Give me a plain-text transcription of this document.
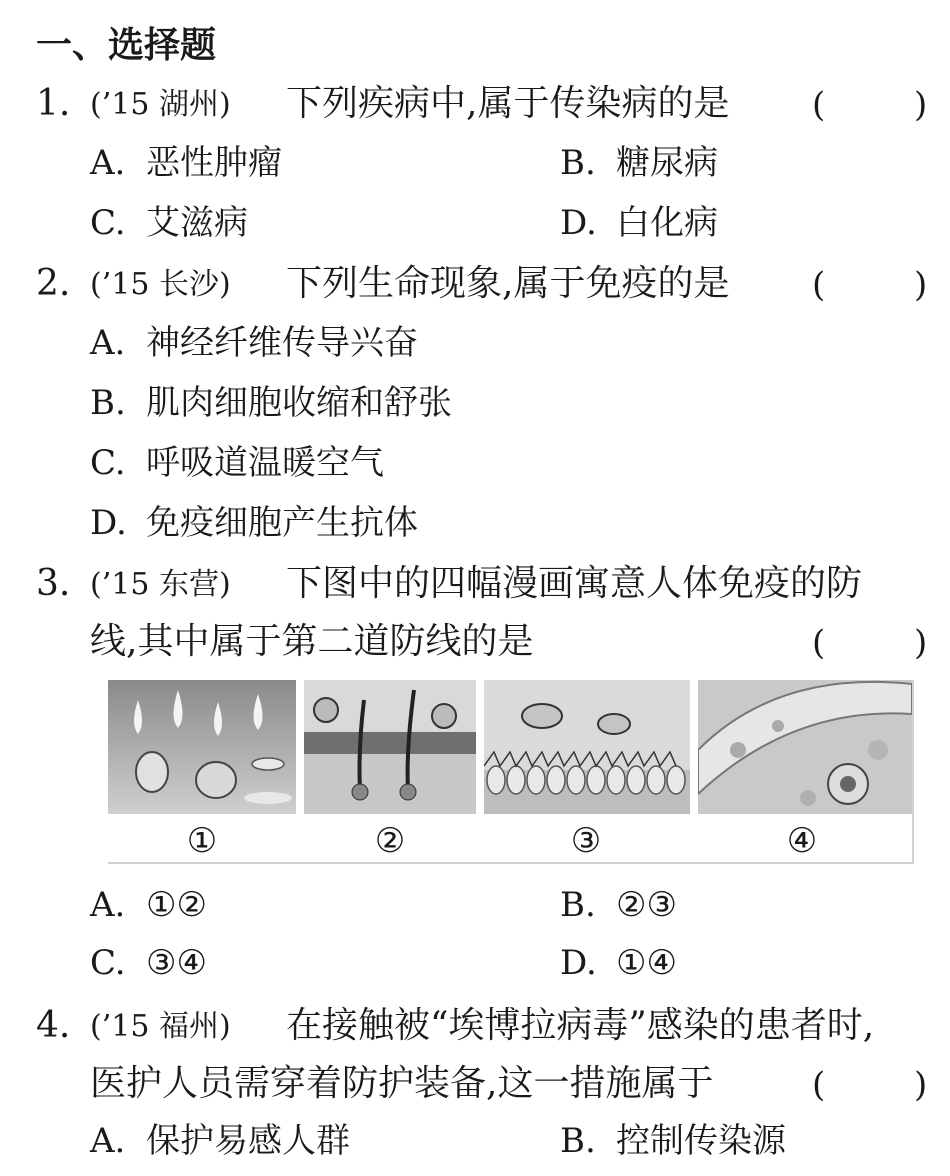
一、选择题
1. (’15 湖州) 下列疾病中,属于传染病的是 (	)
A. 恶性肿瘤	B. 糖尿病
C. 艾滋病	D. 白化病
2. (’15 长沙) 下列生命现象,属于免疫的是 (	)
A. 神经纤维传导兴奋
B. 肌肉细胞收缩和舒张
C. 呼吸道温暖空气
D. 免疫细胞产生抗体
3. (’15 东营) 下图中的四幅漫画寓意人体免疫的防
线,其中属于第二道防线的是	(	)
①	②	③	④
A. ①②	B. ②③
C. ③④	D. ①④
4. (’15 福州) 在接触被“埃博拉病毒”感染的患者时,
医护人员需穿着防护装备,这一措施属于	(	)
A. 保护易感人群	B. 控制传染源
